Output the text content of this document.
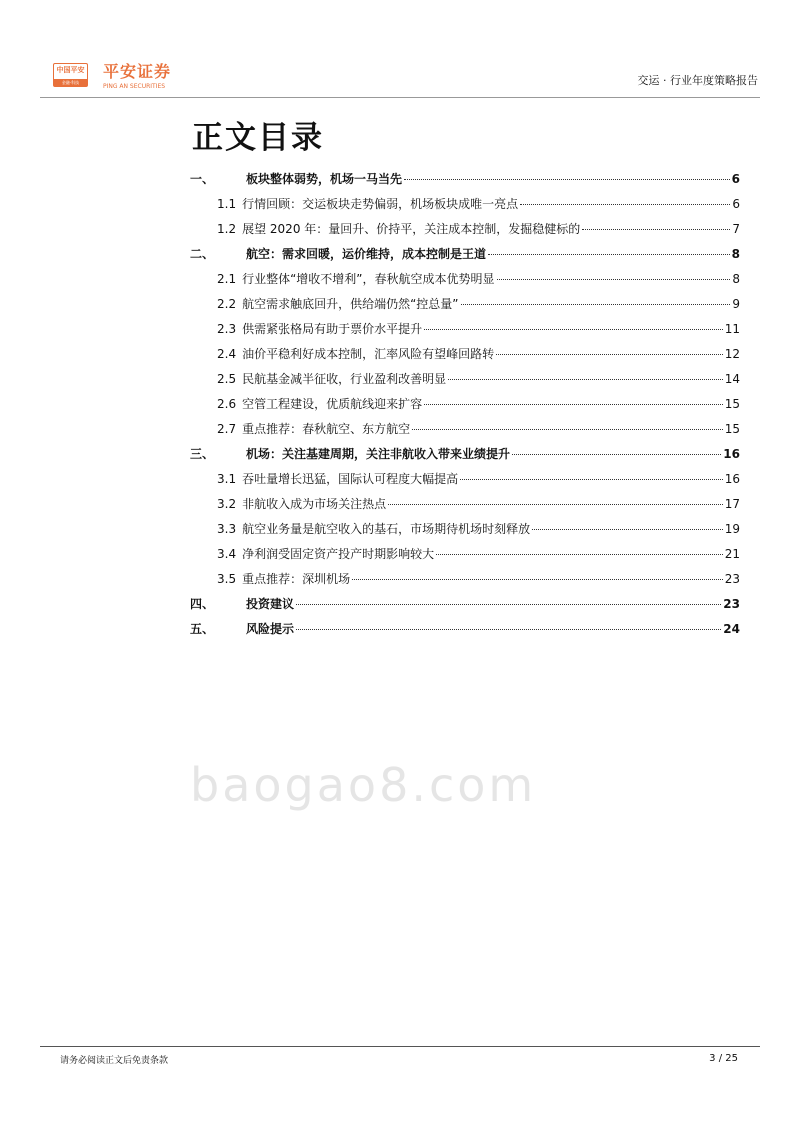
中国平安
金融·科技
平安证券
PING AN SECURITIES	交运 · 行业年度策略报告
正文目录
一、	板块整体弱势，机场一马当先	6
1.1 行情回顾：交运板块走势偏弱，机场板块成唯一亮点	6
1.2 展望 2020 年：量回升、价持平，关注成本控制，发掘稳健标的	7
二、	航空：需求回暖，运价维持，成本控制是王道	8
2.1 行业整体“增收不增利”，春秋航空成本优势明显	8
2.2 航空需求触底回升，供给端仍然“控总量”	9
2.3 供需紧张格局有助于票价水平提升	11
2.4 油价平稳利好成本控制，汇率风险有望峰回路转	12
2.5 民航基金减半征收，行业盈利改善明显	14
2.6 空管工程建设，优质航线迎来扩容	15
2.7 重点推荐：春秋航空、东方航空	15
三、	机场：关注基建周期，关注非航收入带来业绩提升	16
3.1 吞吐量增长迅猛，国际认可程度大幅提高	16
3.2 非航收入成为市场关注热点	17
3.3 航空业务量是航空收入的基石，市场期待机场时刻释放	19
3.4 净利润受固定资产投产时期影响较大	21
3.5 重点推荐：深圳机场	23
四、	投资建议	23
五、	风险提示	24
baogao8.com
请务必阅读正文后免责条款	3 / 25
